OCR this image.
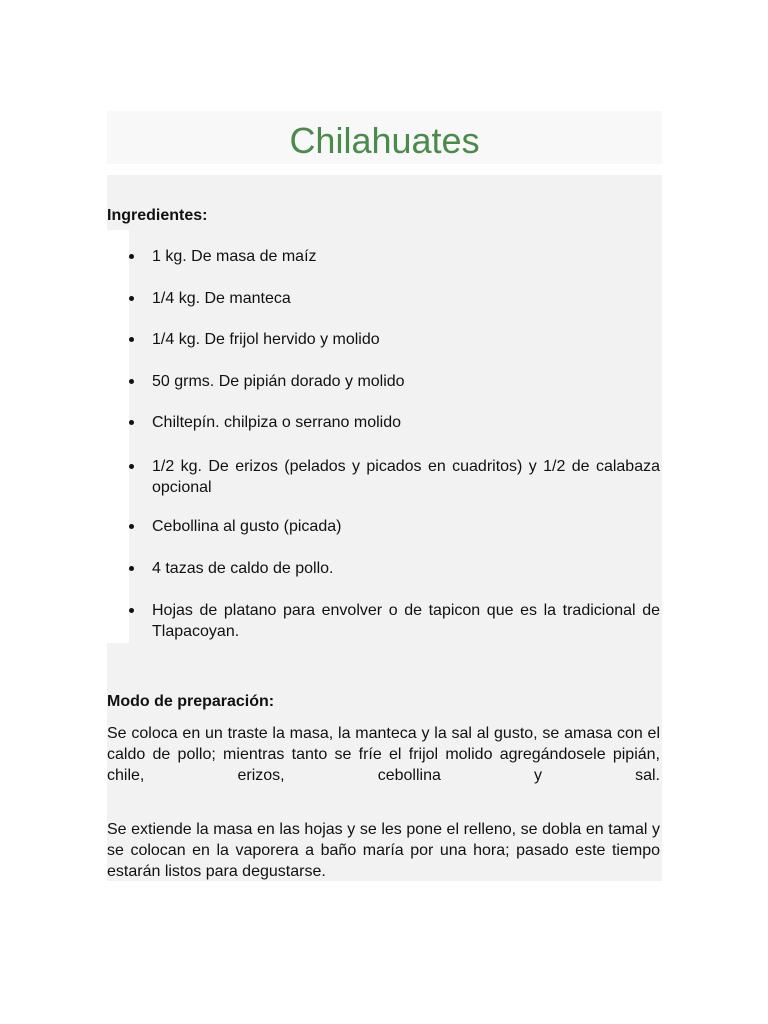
Chilahuates
Ingredientes:
1 kg. De masa de maíz
1/4 kg. De manteca
1/4 kg. De frijol hervido y molido
50 grms. De pipián dorado y molido
Chiltepín. chilpiza o serrano molido
1/2 kg. De erizos (pelados y picados en cuadritos) y 1/2 de calabaza opcional
Cebollina al gusto (picada)
4 tazas de caldo de pollo.
Hojas de platano para envolver o de tapicon que es la tradicional de Tlapacoyan.
Modo de preparación:

Se coloca en un traste la masa, la manteca y la sal al gusto, se amasa con el caldo de pollo; mientras tanto se fríe el frijol molido agregándosele pipián, chile, erizos, cebollina y sal.

Se extiende la masa en las hojas y se les pone el relleno, se dobla en tamal y se colocan en la vaporera a baño maría por una hora; pasado este tiempo estarán listos para degustarse.
